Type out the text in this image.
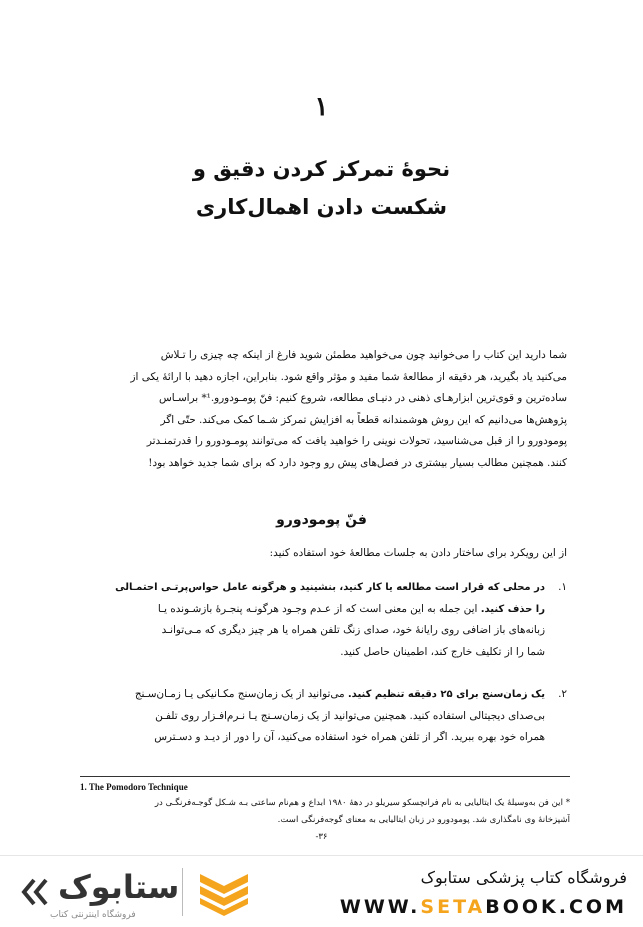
۱
نحوهٔ تمرکز کردن دقیق و
شکست دادن اهمال‌کاری
شما دارید این کتاب را می‌خوانید چون می‌خواهید مطمئن شوید فارغ از اینکه چه چیزی را تـلاش
می‌کنید یاد بگیرید، هر دقیقه از مطالعهٔ شما مفید و مؤثر واقع شود. بنابراین، اجازه دهید با ارائهٔ یکی از
ساده‌ترین و قوی‌ترین ابزارهـای ذهنی در دنیـای مطالعه، شروع کنیم: فنّ پومـودورو.¹* براسـاس
پژوهش‌ها می‌دانیم که این روش هوشمندانه قطعاً به افزایش تمرکز شـما کمک می‌کند. حتّی اگر
پومودورو را از قبل می‌شناسید، تحولات نوینی را خواهید یافت که می‌توانند پومـودورو را قدرتمنـدتر
کنند. همچنین مطالب بسیار بیشتری در فصل‌های پیش رو وجود دارد که برای شما جدید خواهد بود!
فنّ پومودورو
از این رویکرد برای ساختار دادن به جلسات مطالعهٔ خود استفاده کنید:
۱.
در محلی که قرار است مطالعه یا کار کنید، بنشینید و هرگونه عامل حواس‌پرتـی احتمـالی
را حذف کنید. این جمله به این معنی است که از عـدم وجـود هرگونـه پنجـرهٔ بازشـونده یـا
زبانه‌های باز اضافی روی رایانهٔ خود، صدای زنگ تلفن همراه یا هر چیز دیگری که مـی‌توانـد
شما را از تکلیف خارج کند، اطمینان حاصل کنید.
۲.
یک زمان‌سنج برای ۲۵ دقیقه تنظیم کنید. می‌توانید از یک زمان‌سنج مکـانیکی یـا زمـان‌سـنج
بی‌صدای دیجیتالی استفاده کنید. همچنین می‌توانید از یک زمان‌سـنج یـا نـرم‌افـزار روی تلفـن
همراه خود بهره ببرید. اگر از تلفن همراه خود استفاده می‌کنید، آن را دور از دیـد و دسـترس
1. The Pomodoro Technique
* این فن به‌وسیلهٔ یک ایتالیایی به نام فرانچسکو سیریلو در دههٔ ۱۹۸۰ ابداع و هم‌نام ساعتی بـه شـکل گوجـه‌فرنگـی در
آشپزخانهٔ وی نامگذاری شد. پومودورو در زبان ایتالیایی به معنای گوجه‌فرنگی است.
۳۶-
ستابوک
فروشگاه اینترنتی کتاب
فروشگاه کتاب پزشکی ستابوک
WWW.SETABOOK.COM
